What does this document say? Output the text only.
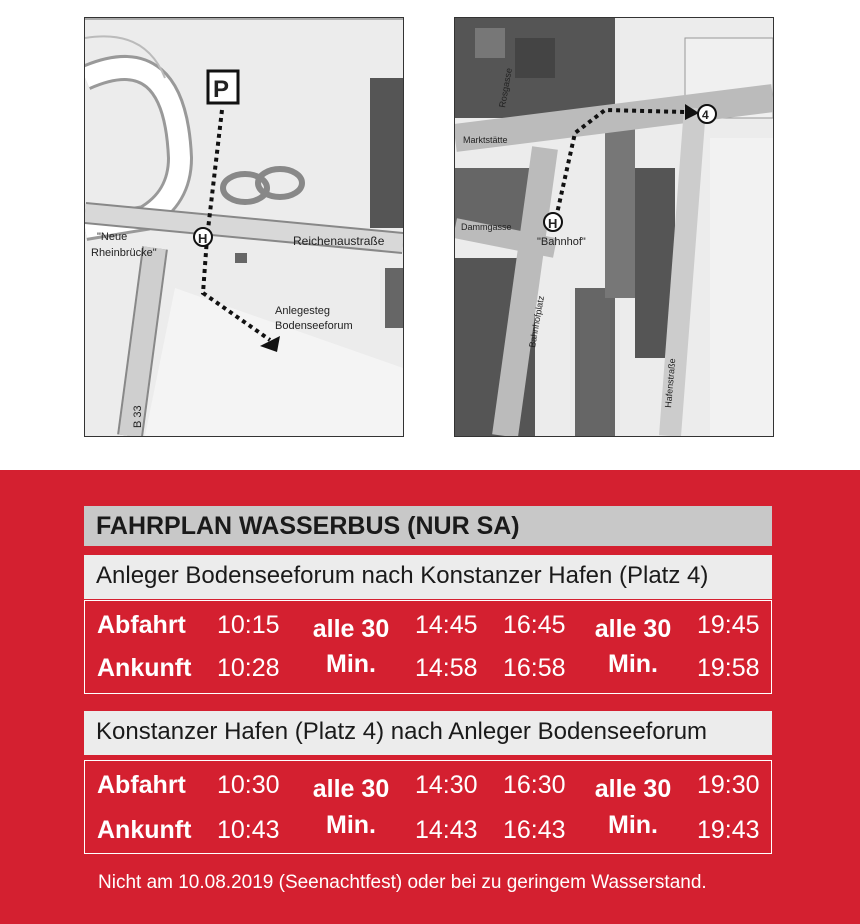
P
H
"Neue
Rheinbrücke"
Reichenaustraße
Anlegesteg
Bodenseeforum
B 33
H
"Bahnhof"
4
Marktstätte
Rosgasse
Dammgasse
Bahnhofplatz
Hafenstraße
FAHRPLAN WASSERBUS (NUR SA)
Anleger Bodenseeforum nach Konstanzer Hafen (Platz 4)
Abfahrt
Ankunft
10:15
10:28
alle 30
Min.
14:45
14:58
16:45
16:58
alle 30
Min.
19:45
19:58
Konstanzer Hafen (Platz 4) nach Anleger Bodenseeforum
Abfahrt
Ankunft
10:30
10:43
alle 30
Min.
14:30
14:43
16:30
16:43
alle 30
Min.
19:30
19:43
Nicht am 10.08.2019 (Seenachtfest) oder bei zu geringem Wasserstand.
